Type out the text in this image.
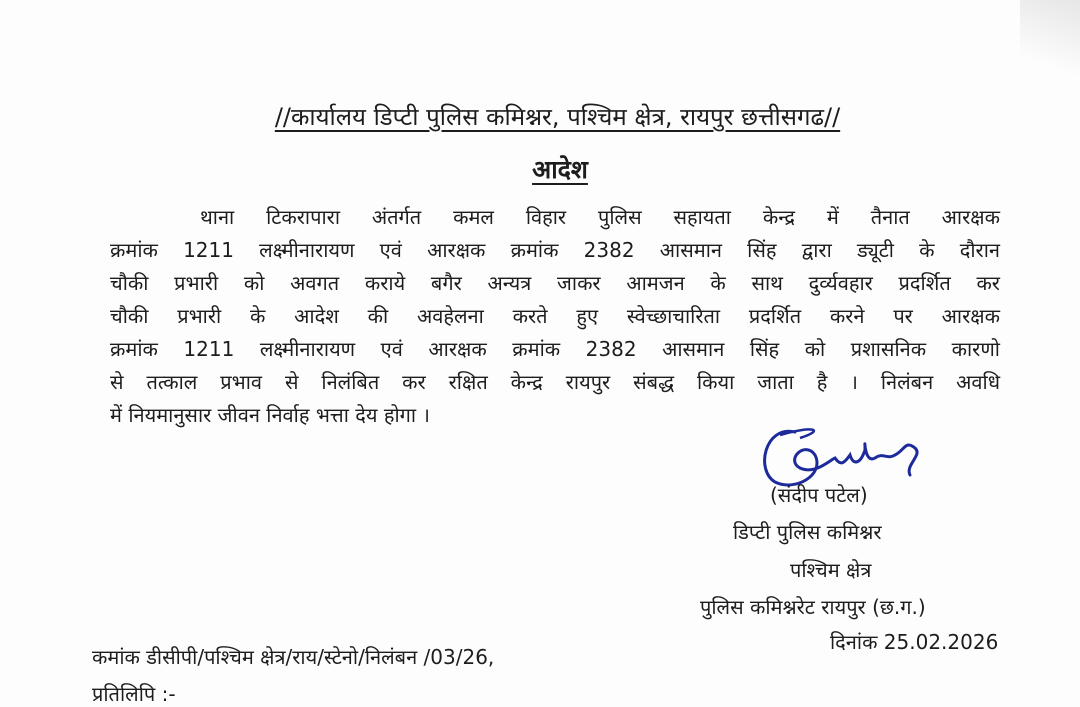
//कार्यालय डिप्टी पुलिस कमिश्नर, पश्चिम क्षेत्र, रायपुर छत्तीसगढ//
आदेश
थाना टिकरापारा अंतर्गत कमल विहार पुलिस सहायता केन्द्र में तैनात आरक्षक
क्रमांक 1211 लक्ष्मीनारायण एवं आरक्षक क्रमांक 2382 आसमान सिंह द्वारा ड्यूटी के दौरान
चौकी प्रभारी को अवगत कराये बगैर अन्यत्र जाकर आमजन के साथ दुर्व्यवहार प्रदर्शित कर
चौकी प्रभारी के आदेश की अवहेलना करते हुए स्वेच्छाचारिता प्रदर्शित करने पर आरक्षक
क्रमांक 1211 लक्ष्मीनारायण एवं आरक्षक क्रमांक 2382 आसमान सिंह को प्रशासनिक कारणो
से तत्काल प्रभाव से निलंबित कर रक्षित केन्द्र रायपुर संबद्ध किया जाता है । निलंबन अवधि
में नियमानुसार जीवन निर्वाह भत्ता देय होगा ।
(संदीप पटेल)
डिप्टी पुलिस कमिश्नर
पश्चिम क्षेत्र
पुलिस कमिश्नरेट रायपुर (छ.ग.)
कमांक डीसीपी/पश्चिम क्षेत्र/राय/स्टेनो/निलंबन /03/26,
दिनांक 25.02.2026
प्रतिलिपि :-
